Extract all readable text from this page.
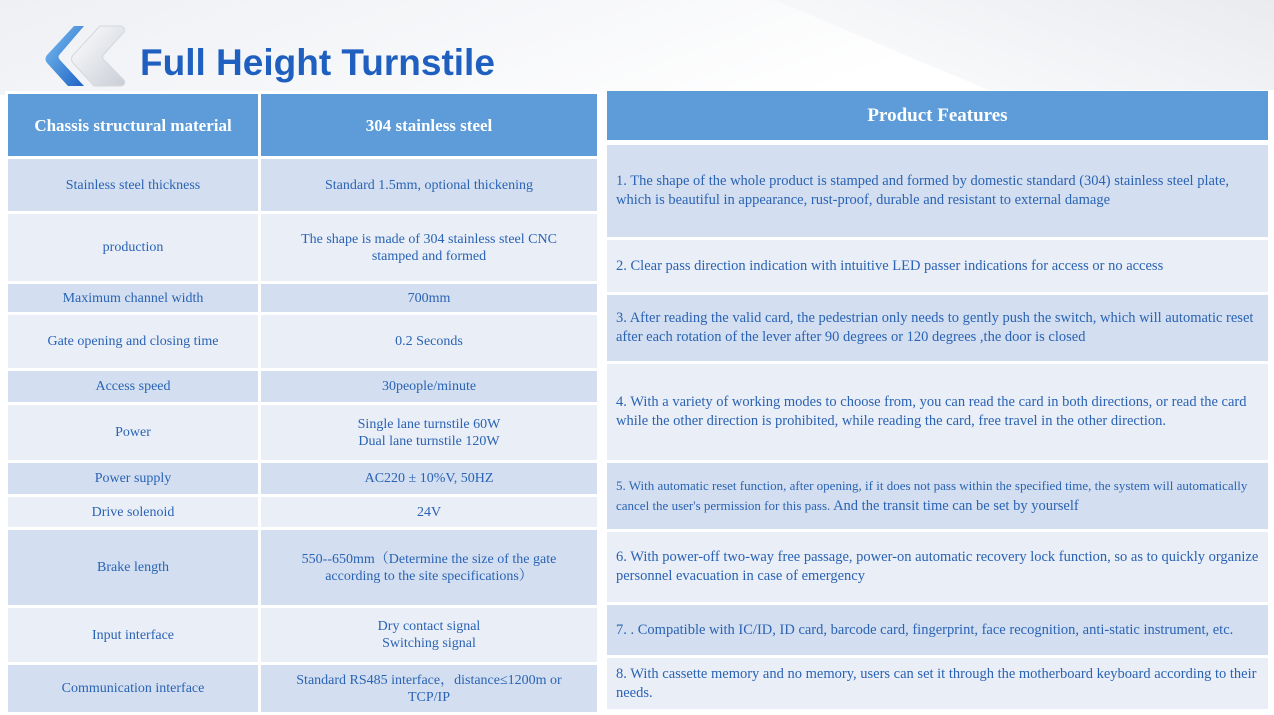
Full Height Turnstile
Chassis structural material	304 stainless steel
Stainless steel thickness	Standard 1.5mm, optional thickening
production	The shape is made of 304 stainless steel CNC
stamped and formed
Maximum channel width	700mm
Gate opening and closing time	0.2 Seconds
Access speed	30people/minute
Power	Single lane turnstile 60W
Dual lane turnstile 120W
Power supply	AC220 ± 10%V, 50HZ
Drive solenoid	24V
Brake length	550--650mm（Determine the size of the gate
according to the site specifications）
Input interface	Dry contact signal
Switching signal
Communication interface	Standard RS485 interface，distance≤1200m or
TCP/IP
Product Features
1. The shape of the whole product is stamped and formed by domestic standard (304) stainless steel plate, which is beautiful in appearance, rust-proof, durable and resistant to external damage
2. Clear pass direction indication with intuitive LED passer indications for access or no access
3. After reading the valid card, the pedestrian only needs to gently push the switch, which will automatic reset after each rotation of the lever after 90 degrees or 120 degrees ,the door is closed
4. With a variety of working modes to choose from, you can read the card in both directions, or read the card while the other direction is prohibited, while reading the card, free travel in the other direction.
5. With automatic reset function, after opening, if it does not pass within the specified time, the system will automatically cancel the user's permission for this pass. And the transit time can be set by yourself
6. With power-off two-way free passage, power-on automatic recovery lock function, so as to quickly organize personnel evacuation in case of emergency
7. . Compatible with IC/ID, ID card, barcode card, fingerprint, face recognition, anti-static instrument, etc.
8. With cassette memory and no memory, users can set it through the motherboard keyboard according to their needs.
